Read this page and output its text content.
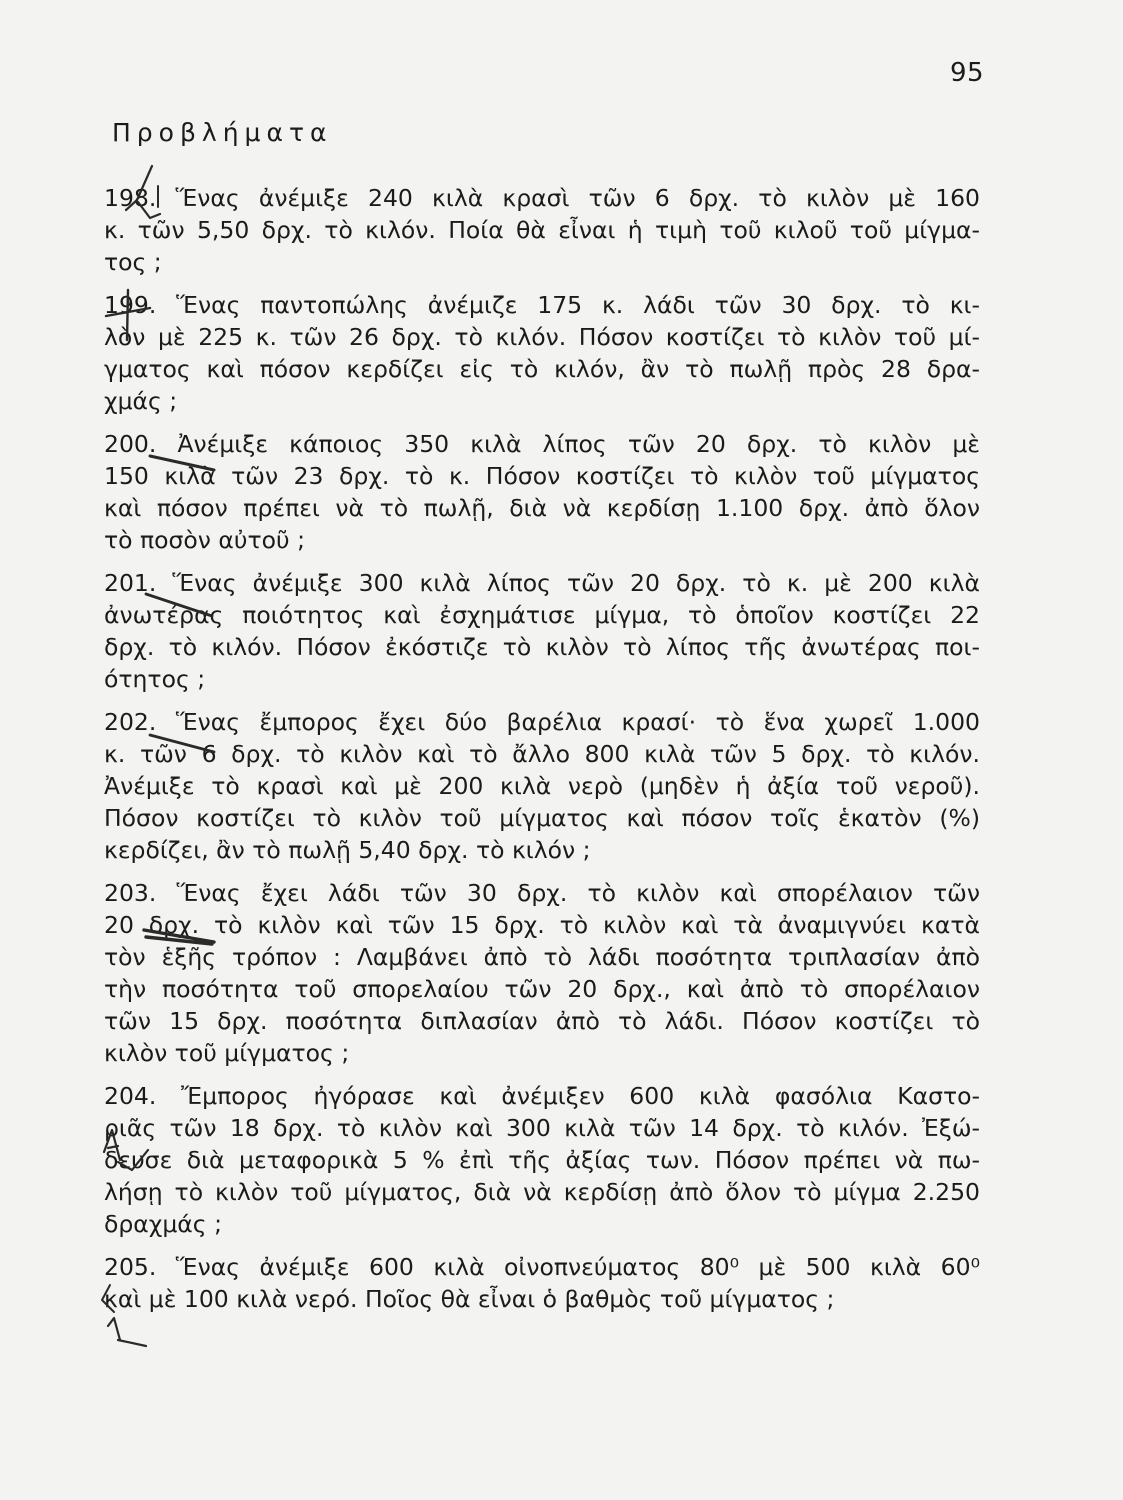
95
Προβλήματα
198. Ἕνας ἀνέμιξε 240 κιλὰ κρασὶ τῶν 6 δρχ. τὸ κιλὸν μὲ 160
κ. τῶν 5,50 δρχ. τὸ κιλόν. Ποία θὰ εἶναι ἡ τιμὴ τοῦ κιλοῦ τοῦ μίγμα-
τος ;
199. Ἕνας παντοπώλης ἀνέμιζε 175 κ. λάδι τῶν 30 δρχ. τὸ κι-
λὸν μὲ 225 κ. τῶν 26 δρχ. τὸ κιλόν. Πόσον κοστίζει τὸ κιλὸν τοῦ μί-
γματος καὶ πόσον κερδίζει εἰς τὸ κιλόν, ἂν τὸ πωλῇ πρὸς 28 δρα-
χμάς ;
200. Ἀνέμιξε κάποιος 350 κιλὰ λίπος τῶν 20 δρχ. τὸ κιλὸν μὲ
150 κιλὰ τῶν 23 δρχ. τὸ κ. Πόσον κοστίζει τὸ κιλὸν τοῦ μίγματος
καὶ πόσον πρέπει νὰ τὸ πωλῇ, διὰ νὰ κερδίσῃ 1.100 δρχ. ἀπὸ ὅλον
τὸ ποσὸν αὐτοῦ ;
201. Ἕνας ἀνέμιξε 300 κιλὰ λίπος τῶν 20 δρχ. τὸ κ. μὲ 200 κιλὰ
ἀνωτέρας ποιότητος καὶ ἐσχημάτισε μίγμα, τὸ ὁποῖον κοστίζει 22
δρχ. τὸ κιλόν. Πόσον ἐκόστιζε τὸ κιλὸν τὸ λίπος τῆς ἀνωτέρας ποι-
ότητος ;
202. Ἕνας ἔμπορος ἔχει δύο βαρέλια κρασί· τὸ ἕνα χωρεῖ 1.000
κ. τῶν 6 δρχ. τὸ κιλὸν καὶ τὸ ἄλλο 800 κιλὰ τῶν 5 δρχ. τὸ κιλόν.
Ἀνέμιξε τὸ κρασὶ καὶ μὲ 200 κιλὰ νερὸ (μηδὲν ἡ ἀξία τοῦ νεροῦ).
Πόσον κοστίζει τὸ κιλὸν τοῦ μίγματος καὶ πόσον τοῖς ἑκατὸν (%)
κερδίζει, ἂν τὸ πωλῇ 5,40 δρχ. τὸ κιλόν ;
203. Ἕνας ἔχει λάδι τῶν 30 δρχ. τὸ κιλὸν καὶ σπορέλαιον τῶν
20 δρχ. τὸ κιλὸν καὶ τῶν 15 δρχ. τὸ κιλὸν καὶ τὰ ἀναμιγνύει κατὰ
τὸν ἑξῆς τρόπον : Λαμβάνει ἀπὸ τὸ λάδι ποσότητα τριπλασίαν ἀπὸ
τὴν ποσότητα τοῦ σπορελαίου τῶν 20 δρχ., καὶ ἀπὸ τὸ σπορέλαιον
τῶν 15 δρχ. ποσότητα διπλασίαν ἀπὸ τὸ λάδι. Πόσον κοστίζει τὸ
κιλὸν τοῦ μίγματος ;
204. Ἔμπορος ἠγόρασε καὶ ἀνέμιξεν 600 κιλὰ φασόλια Καστο-
ριᾶς τῶν 18 δρχ. τὸ κιλὸν καὶ 300 κιλὰ τῶν 14 δρχ. τὸ κιλόν. Ἐξώ-
δευσε διὰ μεταφορικὰ 5 % ἐπὶ τῆς ἀξίας των. Πόσον πρέπει νὰ πω-
λήσῃ τὸ κιλὸν τοῦ μίγματος, διὰ νὰ κερδίσῃ ἀπὸ ὅλον τὸ μίγμα 2.250
δραχμάς ;
205. Ἕνας ἀνέμιξε 600 κιλὰ οἰνοπνεύματος 80⁰ μὲ 500 κιλὰ 60⁰
καὶ μὲ 100 κιλὰ νερό. Ποῖος θὰ εἶναι ὁ βαθμὸς τοῦ μίγματος ;
